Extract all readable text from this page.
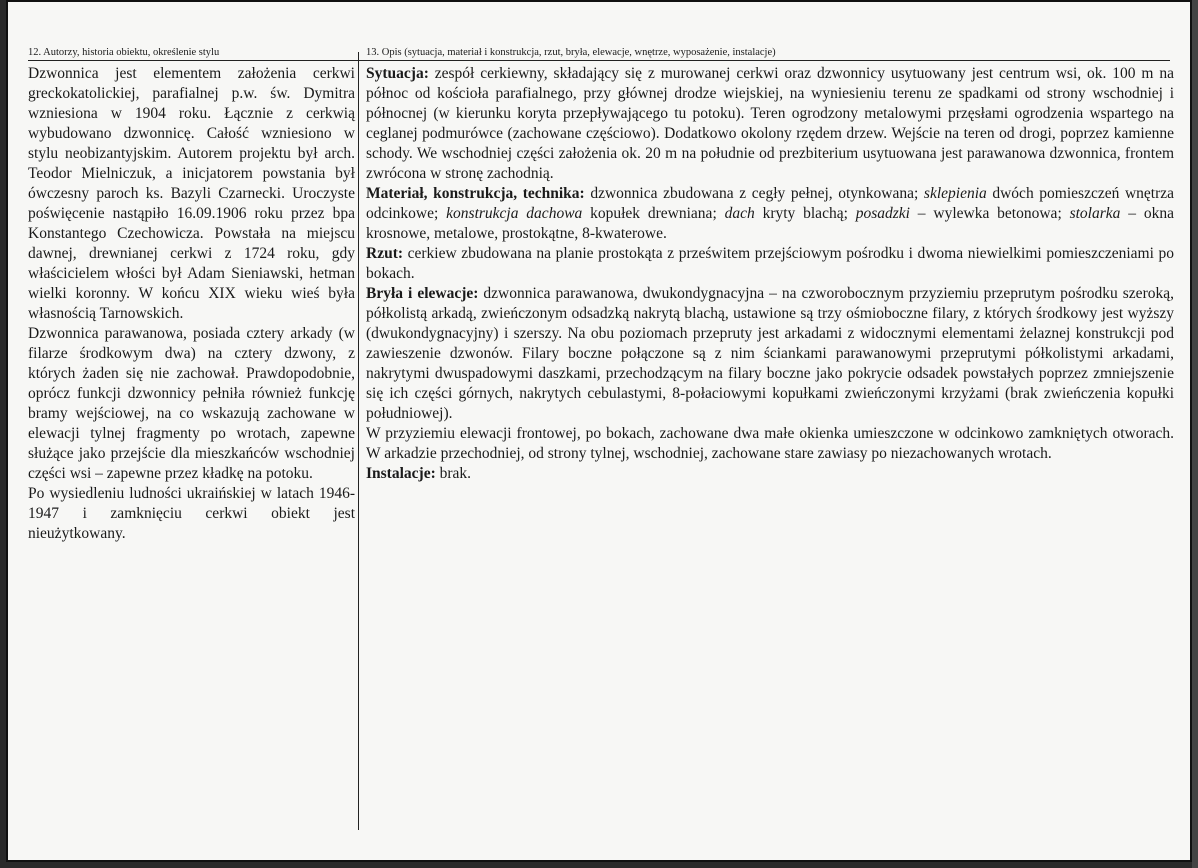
12. Autorzy, historia obiektu, określenie stylu	13. Opis (sytuacja, materiał i konstrukcja, rzut, bryła, elewacje, wnętrze, wyposażenie, instalacje)

Dzwonnica jest elementem założenia cerkwi greckokatolickiej, parafialnej p.w. św. Dymitra wzniesiona w 1904 roku. Łącznie z cerkwią wybudowano dzwonnicę. Całość wzniesiono w stylu neobizantyjskim. Autorem projektu był arch. Teodor Mielniczuk, a inicjatorem powstania był ówczesny paroch ks. Bazyli Czarnecki. Uroczyste poświęcenie nastąpiło 16.09.1906 roku przez bpa Konstantego Czechowicza. Powstała na miejscu dawnej, drewnianej cerkwi z 1724 roku, gdy właścicielem włości był Adam Sieniawski, hetman wielki koronny. W końcu XIX wieku wieś była własnością Tarnowskich.

Dzwonnica parawanowa, posiada cztery arkady (w filarze środkowym dwa) na cztery dzwony, z których żaden się nie zachował. Prawdopodobnie, oprócz funkcji dzwonnicy pełniła również funkcję bramy wejściowej, na co wskazują zachowane w elewacji tylnej fragmenty po wrotach, zapewne służące jako przejście dla mieszkańców wschodniej części wsi – zapewne przez kładkę na potoku.

Po wysiedleniu ludności ukraińskiej w latach 1946-1947 i zamknięciu cerkwi obiekt jest nieużytkowany.

Sytuacja: zespół cerkiewny, składający się z murowanej cerkwi oraz dzwonnicy usytuowany jest centrum wsi, ok. 100 m na północ od kościoła parafialnego, przy głównej drodze wiejskiej, na wyniesieniu terenu ze spadkami od strony wschodniej i północnej (w kierunku koryta przepływającego tu potoku). Teren ogrodzony metalowymi przęsłami ogrodzenia wspartego na ceglanej podmurówce (zachowane częściowo). Dodatkowo okolony rzędem drzew. Wejście na teren od drogi, poprzez kamienne schody. We wschodniej części założenia ok. 20 m na południe od prezbiterium usytuowana jest parawanowa dzwonnica, frontem zwrócona w stronę zachodnią.

Materiał, konstrukcja, technika: dzwonnica zbudowana z cegły pełnej, otynkowana; sklepienia dwóch pomieszczeń wnętrza odcinkowe; konstrukcja dachowa kopułek drewniana; dach kryty blachą; posadzki – wylewka betonowa; stolarka – okna krosnowe, metalowe, prostokątne, 8-kwaterowe.

Rzut: cerkiew zbudowana na planie prostokąta z prześwitem przejściowym pośrodku i dwoma niewielkimi pomieszczeniami po bokach.

Bryła i elewacje: dzwonnica parawanowa, dwukondygnacyjna – na czworobocznym przyziemiu przeprutym pośrodku szeroką, półkolistą arkadą, zwieńczonym odsadzką nakrytą blachą, ustawione są trzy ośmioboczne filary, z których środkowy jest wyższy (dwukondygnacyjny) i szerszy. Na obu poziomach przepruty jest arkadami z widocznymi elementami żelaznej konstrukcji pod zawieszenie dzwonów. Filary boczne połączone są z nim ściankami parawanowymi przeprutymi półkolistymi arkadami, nakrytymi dwuspadowymi daszkami, przechodzącym na filary boczne jako pokrycie odsadek powstałych poprzez zmniejszenie się ich części górnych, nakrytych cebulastymi, 8-połaciowymi kopułkami zwieńczonymi krzyżami (brak zwieńczenia kopułki południowej).

W przyziemiu elewacji frontowej, po bokach, zachowane dwa małe okienka umieszczone w odcinkowo zamkniętych otworach. W arkadzie przechodniej, od strony tylnej, wschodniej, zachowane stare zawiasy po niezachowanych wrotach.

Instalacje: brak.
